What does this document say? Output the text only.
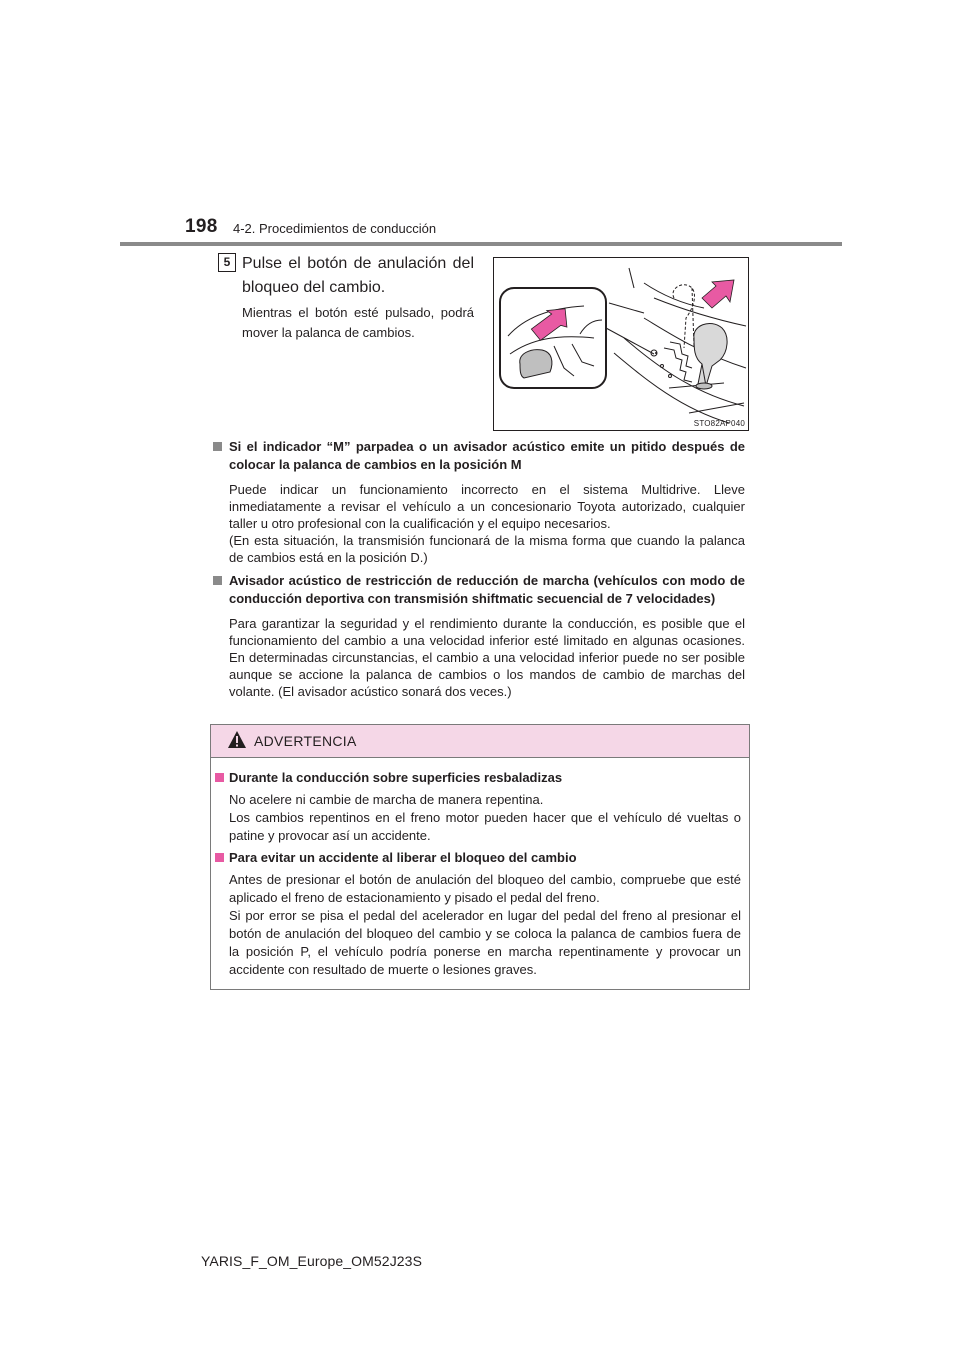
198 4-2. Procedimientos de conducción
5 Pulse el botón de anulación del bloqueo del cambio.
Mientras el botón esté pulsado, podrá mover la palanca de cambios.
STO82AP040
Si el indicador “M” parpadea o un avisador acústico emite un pitido después de colocar la palanca de cambios en la posición M

Puede indicar un funcionamiento incorrecto en el sistema Multidrive. Lleve inmediatamente a revisar el vehículo a un concesionario Toyota autorizado, cualquier taller u otro profesional con la cualificación y el equipo necesarios.

(En esta situación, la transmisión funcionará de la misma forma que cuando la palanca de cambios está en la posición D.)

Avisador acústico de restricción de reducción de marcha (vehículos con modo de conducción deportiva con transmisión shiftmatic secuencial de 7 velocidades)

Para garantizar la seguridad y el rendimiento durante la conducción, es posible que el funcionamiento del cambio a una velocidad inferior esté limitado en algunas ocasiones. En determinadas circunstancias, el cambio a una velocidad inferior puede no ser posible aunque se accione la palanca de cambios o los mandos de cambio de marchas del volante. (El avisador acústico sonará dos veces.)

ADVERTENCIA
Durante la conducción sobre superficies resbaladizas

No acelere ni cambie de marcha de manera repentina.

Los cambios repentinos en el freno motor pueden hacer que el vehículo dé vueltas o patine y provocar así un accidente.

Para evitar un accidente al liberar el bloqueo del cambio

Antes de presionar el botón de anulación del bloqueo del cambio, compruebe que esté aplicado el freno de estacionamiento y pisado el pedal del freno.

Si por error se pisa el pedal del acelerador en lugar del pedal del freno al presionar el botón de anulación del bloqueo del cambio y se coloca la palanca de cambios fuera de la posición P, el vehículo podría ponerse en marcha repentinamente y provocar un accidente con resultado de muerte o lesiones graves.

YARIS_F_OM_Europe_OM52J23S
